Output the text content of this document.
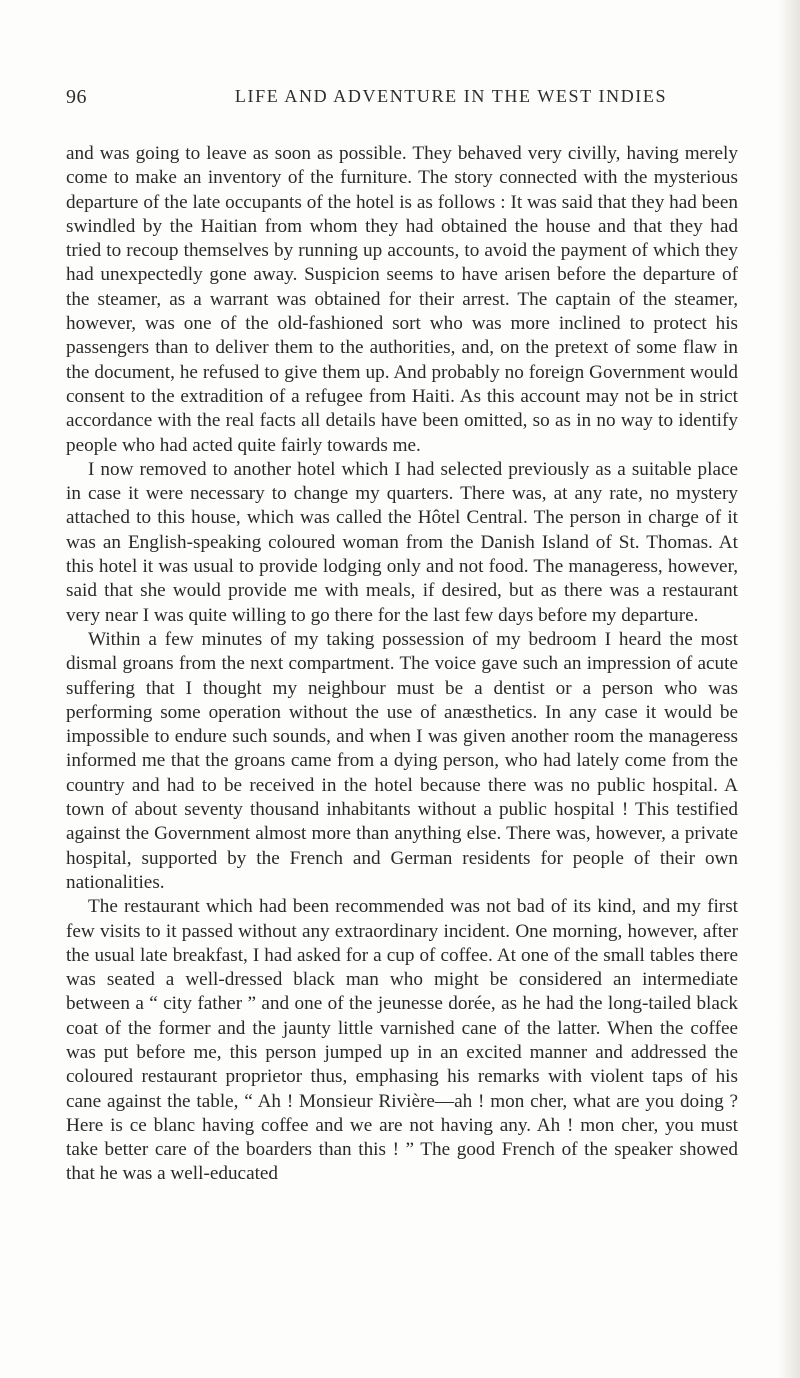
96	LIFE AND ADVENTURE IN THE WEST INDIES

and was going to leave as soon as possible. They behaved very civilly, having merely come to make an inventory of the furniture. The story connected with the mysterious departure of the late occupants of the hotel is as follows : It was said that they had been swindled by the Haitian from whom they had obtained the house and that they had tried to recoup themselves by running up accounts, to avoid the payment of which they had unexpectedly gone away. Suspicion seems to have arisen before the departure of the steamer, as a warrant was obtained for their arrest. The captain of the steamer, however, was one of the old-fashioned sort who was more inclined to protect his passengers than to deliver them to the authorities, and, on the pretext of some flaw in the document, he refused to give them up. And probably no foreign Government would consent to the extradition of a refugee from Haiti. As this account may not be in strict accordance with the real facts all details have been omitted, so as in no way to identify people who had acted quite fairly towards me.

I now removed to another hotel which I had selected previously as a suitable place in case it were necessary to change my quarters. There was, at any rate, no mystery attached to this house, which was called the Hôtel Central. The person in charge of it was an English-speaking coloured woman from the Danish Island of St. Thomas. At this hotel it was usual to provide lodging only and not food. The manageress, however, said that she would provide me with meals, if desired, but as there was a restaurant very near I was quite willing to go there for the last few days before my departure.

Within a few minutes of my taking possession of my bedroom I heard the most dismal groans from the next compartment. The voice gave such an impression of acute suffering that I thought my neighbour must be a dentist or a person who was performing some operation without the use of anæsthetics. In any case it would be impossible to endure such sounds, and when I was given another room the manageress informed me that the groans came from a dying person, who had lately come from the country and had to be received in the hotel because there was no public hospital. A town of about seventy thousand inhabitants without a public hospital ! This testified against the Government almost more than anything else. There was, however, a private hospital, supported by the French and German residents for people of their own nationalities.

The restaurant which had been recommended was not bad of its kind, and my first few visits to it passed without any extraordinary incident. One morning, however, after the usual late breakfast, I had asked for a cup of coffee. At one of the small tables there was seated a well-dressed black man who might be considered an intermediate between a “ city father ” and one of the jeunesse dorée, as he had the long-tailed black coat of the former and the jaunty little varnished cane of the latter. When the coffee was put before me, this person jumped up in an excited manner and addressed the coloured restaurant proprietor thus, emphasing his remarks with violent taps of his cane against the table, “ Ah ! Monsieur Rivière—ah ! mon cher, what are you doing ? Here is ce blanc having coffee and we are not having any. Ah ! mon cher, you must take better care of the boarders than this ! ” The good French of the speaker showed that he was a well-educated
